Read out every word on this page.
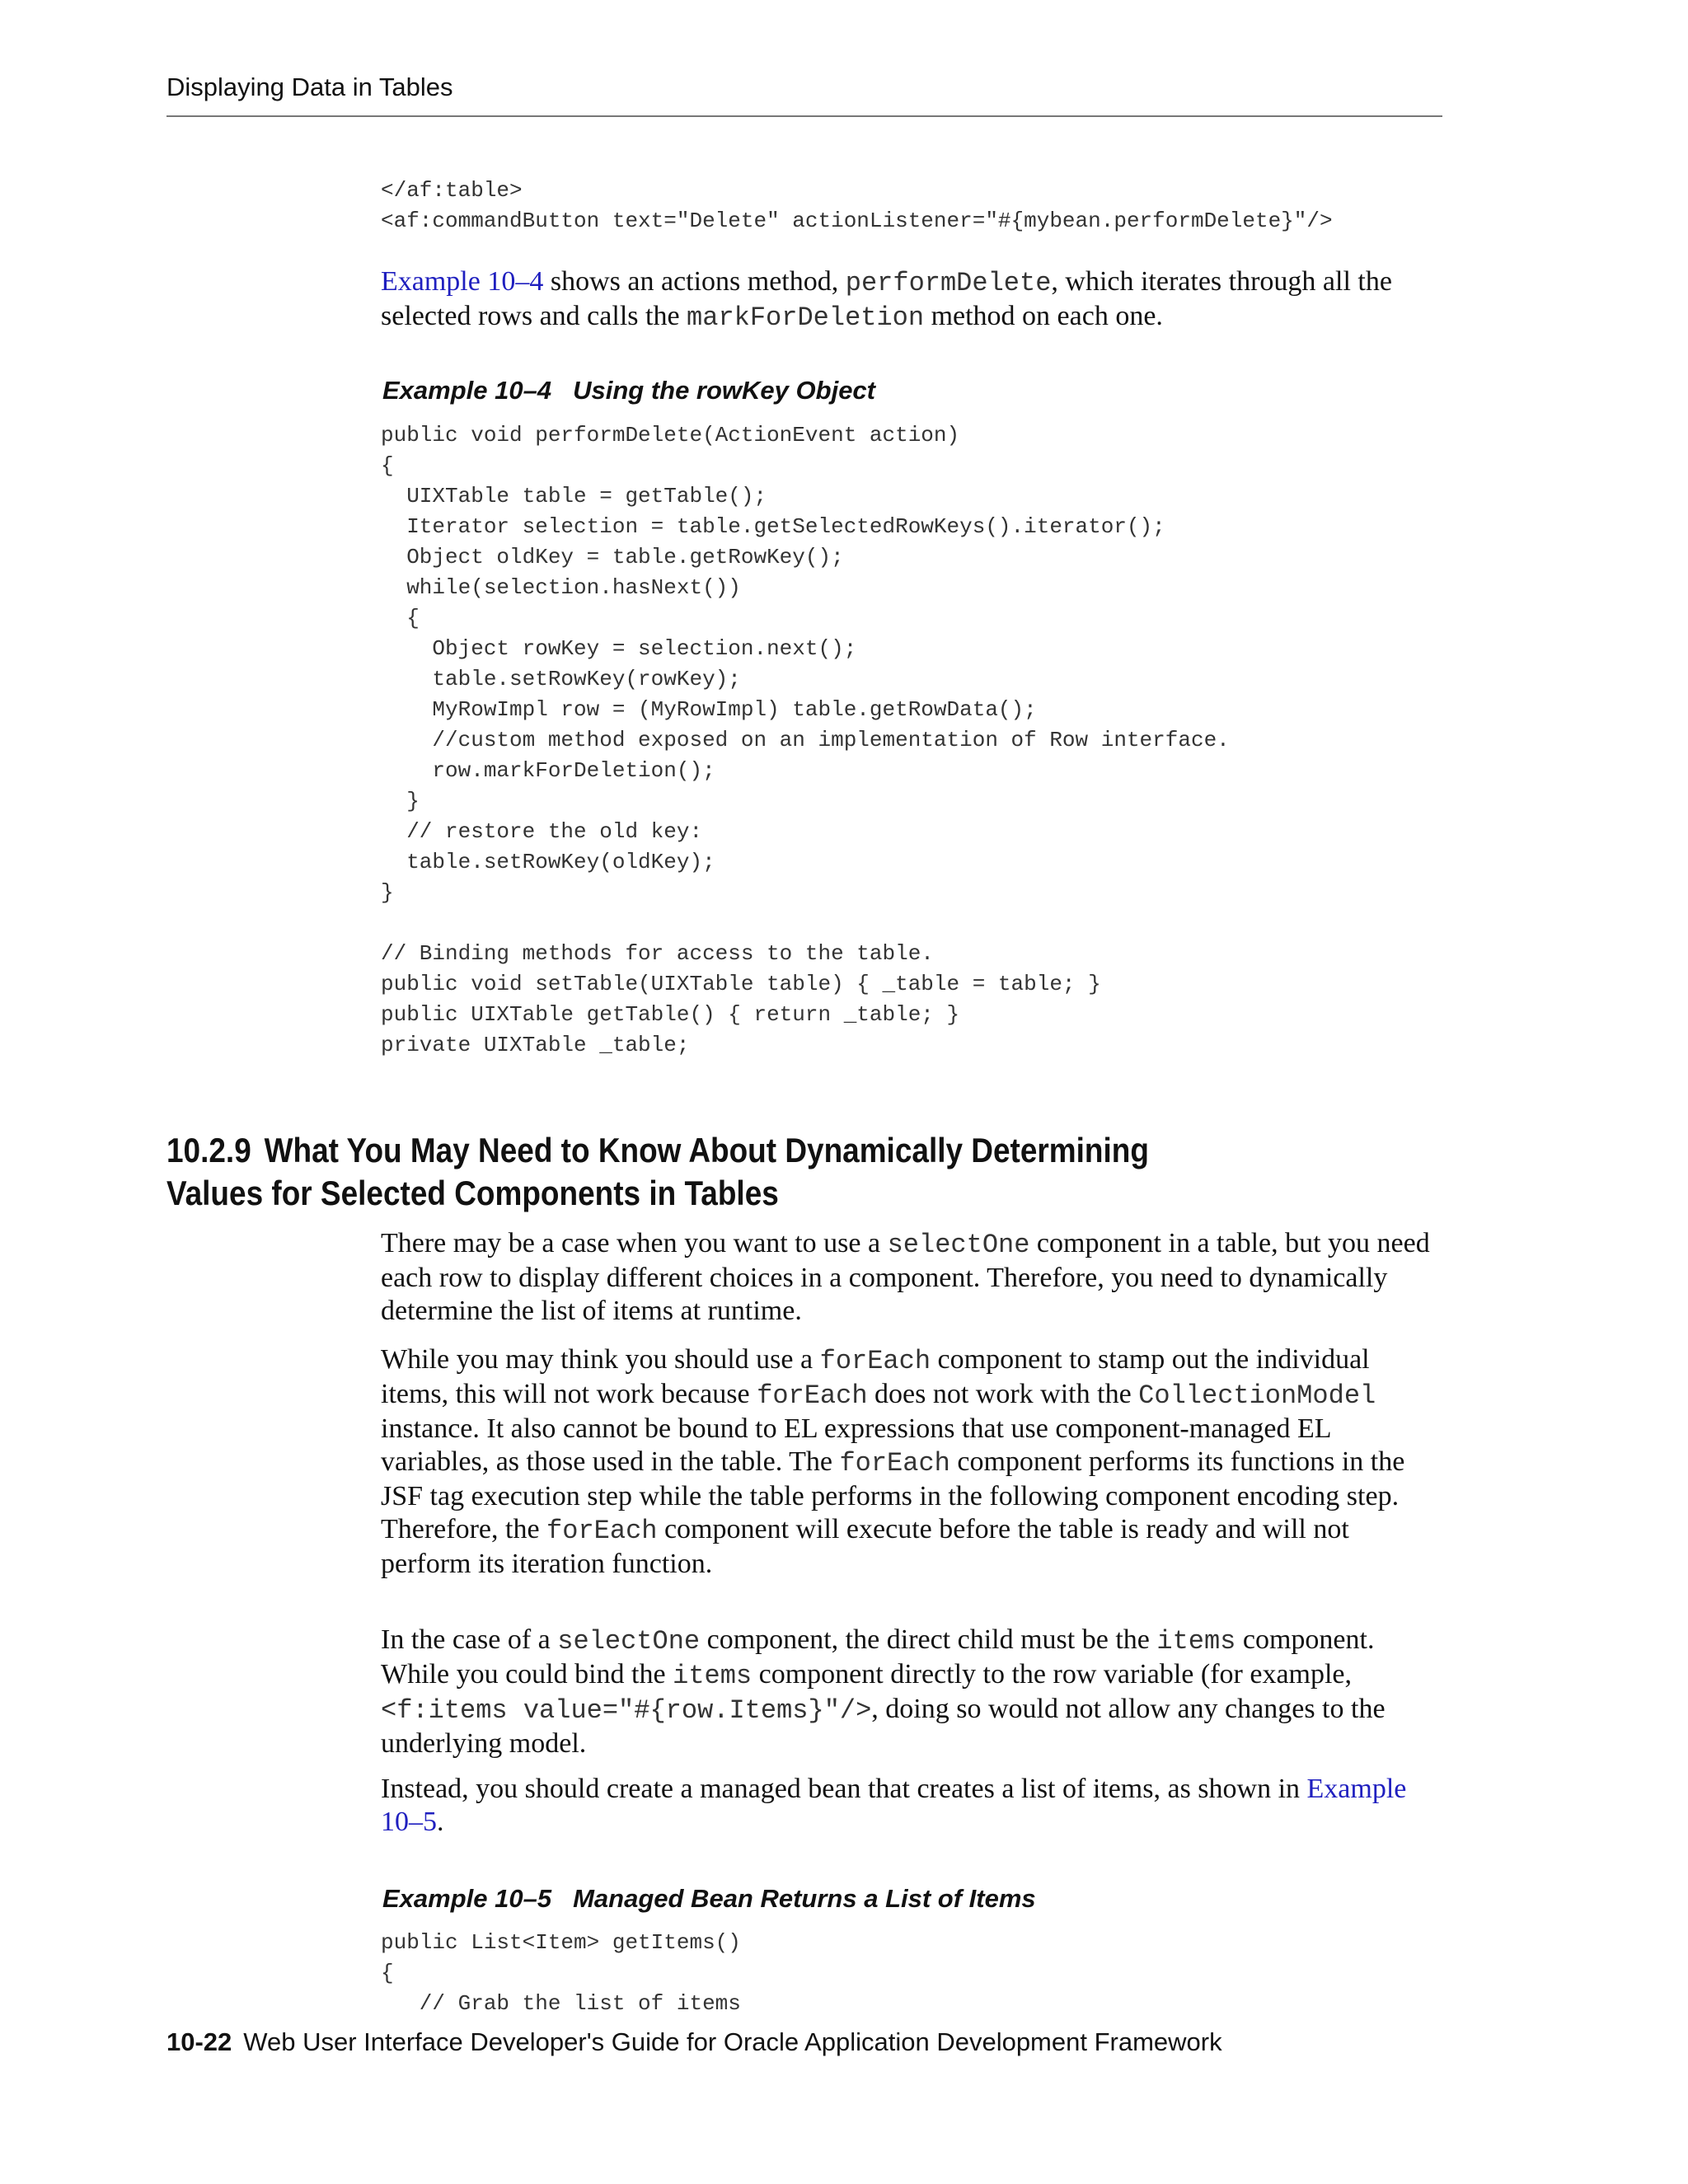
Displaying Data in Tables
</af:table>
<af:commandButton text="Delete" actionListener="#{mybean.performDelete}"/>

Example 10–4 shows an actions method, performDelete, which iterates through all the selected rows and calls the markForDeletion method on each one.

Example 10–4 Using the rowKey Object
public void performDelete(ActionEvent action)
{
UIXTable table = getTable();
Iterator selection = table.getSelectedRowKeys().iterator();
Object oldKey = table.getRowKey();
while(selection.hasNext())
{
Object rowKey = selection.next();
table.setRowKey(rowKey);
MyRowImpl row = (MyRowImpl) table.getRowData();
//custom method exposed on an implementation of Row interface.
row.markForDeletion();
}
// restore the old key:
table.setRowKey(oldKey);
}

// Binding methods for access to the table.
public void setTable(UIXTable table) { _table = table; }
public UIXTable getTable() { return _table; }
private UIXTable _table;
10.2.9 What You May Need to Know About Dynamically Determining Values for Selected Components in Tables

There may be a case when you want to use a selectOne component in a table, but you need each row to display different choices in a component. Therefore, you need to dynamically determine the list of items at runtime.

While you may think you should use a forEach component to stamp out the individual items, this will not work because forEach does not work with the CollectionModel instance. It also cannot be bound to EL expressions that use component-managed EL variables, as those used in the table. The forEach component performs its functions in the JSF tag execution step while the table performs in the following component encoding step. Therefore, the forEach component will execute before the table is ready and will not perform its iteration function.

In the case of a selectOne component, the direct child must be the items component. While you could bind the items component directly to the row variable (for example, <f:items value="#{row.Items}"/>, doing so would not allow any changes to the underlying model.

Instead, you should create a managed bean that creates a list of items, as shown in Example 10–5.

Example 10–5 Managed Bean Returns a List of Items
public List<Item> getItems()
{
// Grab the list of items
10-22 Web User Interface Developer's Guide for Oracle Application Development Framework
